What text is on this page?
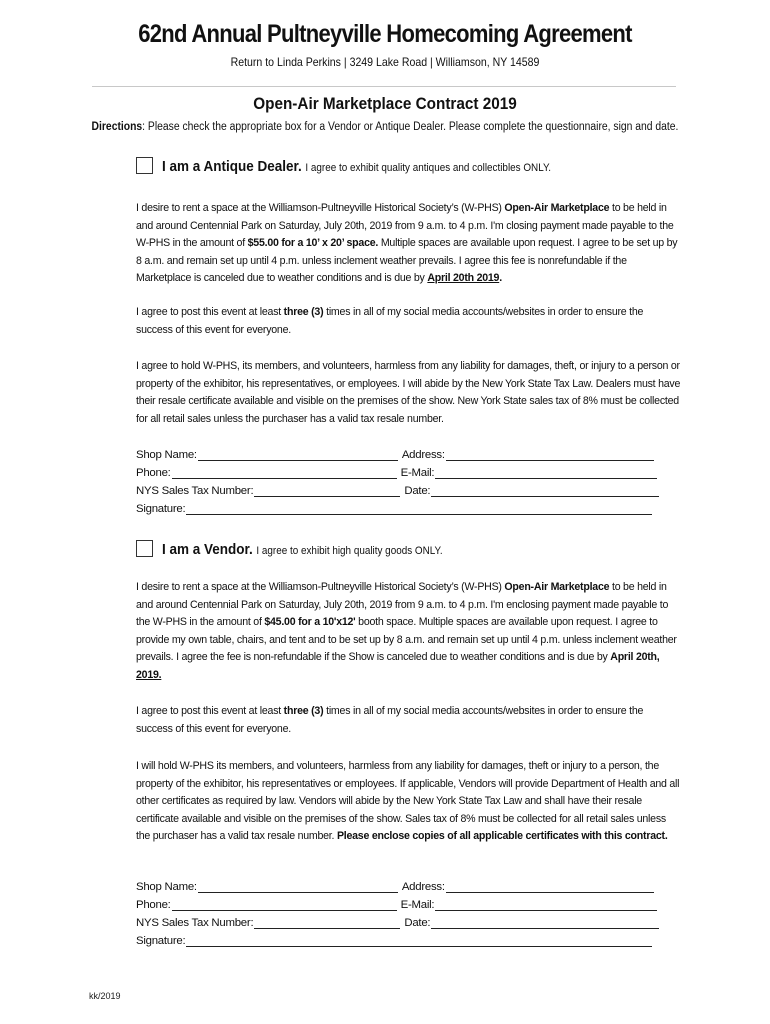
62nd Annual Pultneyville Homecoming Agreement
Return to Linda Perkins | 3249 Lake Road | Williamson, NY 14589
Open-Air Marketplace Contract 2019
Directions: Please check the appropriate box for a Vendor or Antique Dealer. Please complete the questionnaire, sign and date.
I am a Antique Dealer. I agree to exhibit quality antiques and collectibles ONLY.

I desire to rent a space at the Williamson-Pultneyville Historical Society’s (W-PHS) Open-Air Marketplace to be held in and around Centennial Park on Saturday, July 20th, 2019 from 9 a.m. to 4 p.m. I'm closing payment made payable to the W-PHS in the amount of $55.00 for a 10’ x 20’ space. Multiple spaces are available upon request. I agree to be set up by 8 a.m. and remain set up until 4 p.m. unless inclement weather prevails. I agree this fee is nonrefundable if the Marketplace is canceled due to weather conditions and is due by April 20th 2019.

I agree to post this event at least three (3) times in all of my social media accounts/websites in order to ensure the success of this event for everyone.

I agree to hold W-PHS, its members, and volunteers, harmless from any liability for damages, theft, or injury to a person or property of the exhibitor, his representatives, or employees. I will abide by the New York State Tax Law. Dealers must have their resale certificate available and visible on the premises of the show. New York State sales tax of 8% must be collected for all retail sales unless the purchaser has a valid tax resale number.

Shop Name:	Address:
Phone:	E-Mail:
NYS Sales Tax Number:	Date:
Signature:
I am a Vendor. I agree to exhibit high quality goods ONLY.

I desire to rent a space at the Williamson-Pultneyville Historical Society’s (W-PHS) Open-Air Marketplace to be held in and around Centennial Park on Saturday, July 20th, 2019 from 9 a.m. to 4 p.m. I'm enclosing payment made payable to the W-PHS in the amount of $45.00 for a 10'x12' booth space. Multiple spaces are available upon request. I agree to provide my own table, chairs, and tent and to be set up by 8 a.m. and remain set up until 4 p.m. unless inclement weather prevails. I agree the fee is non-refundable if the Show is canceled due to weather conditions and is due by April 20th, 2019.

I agree to post this event at least three (3) times in all of my social media accounts/websites in order to ensure the success of this event for everyone.

I will hold W-PHS its members, and volunteers, harmless from any liability for damages, theft or injury to a person, the property of the exhibitor, his representatives or employees. If applicable, Vendors will provide Department of Health and all other certificates as required by law. Vendors will abide by the New York State Tax Law and shall have their resale certificate available and visible on the premises of the show. Sales tax of 8% must be collected for all retail sales unless the purchaser has a valid tax resale number. Please enclose copies of all applicable certificates with this contract.

Shop Name:	Address:
Phone:	E-Mail:
NYS Sales Tax Number:	Date:
Signature:
kk/2019
